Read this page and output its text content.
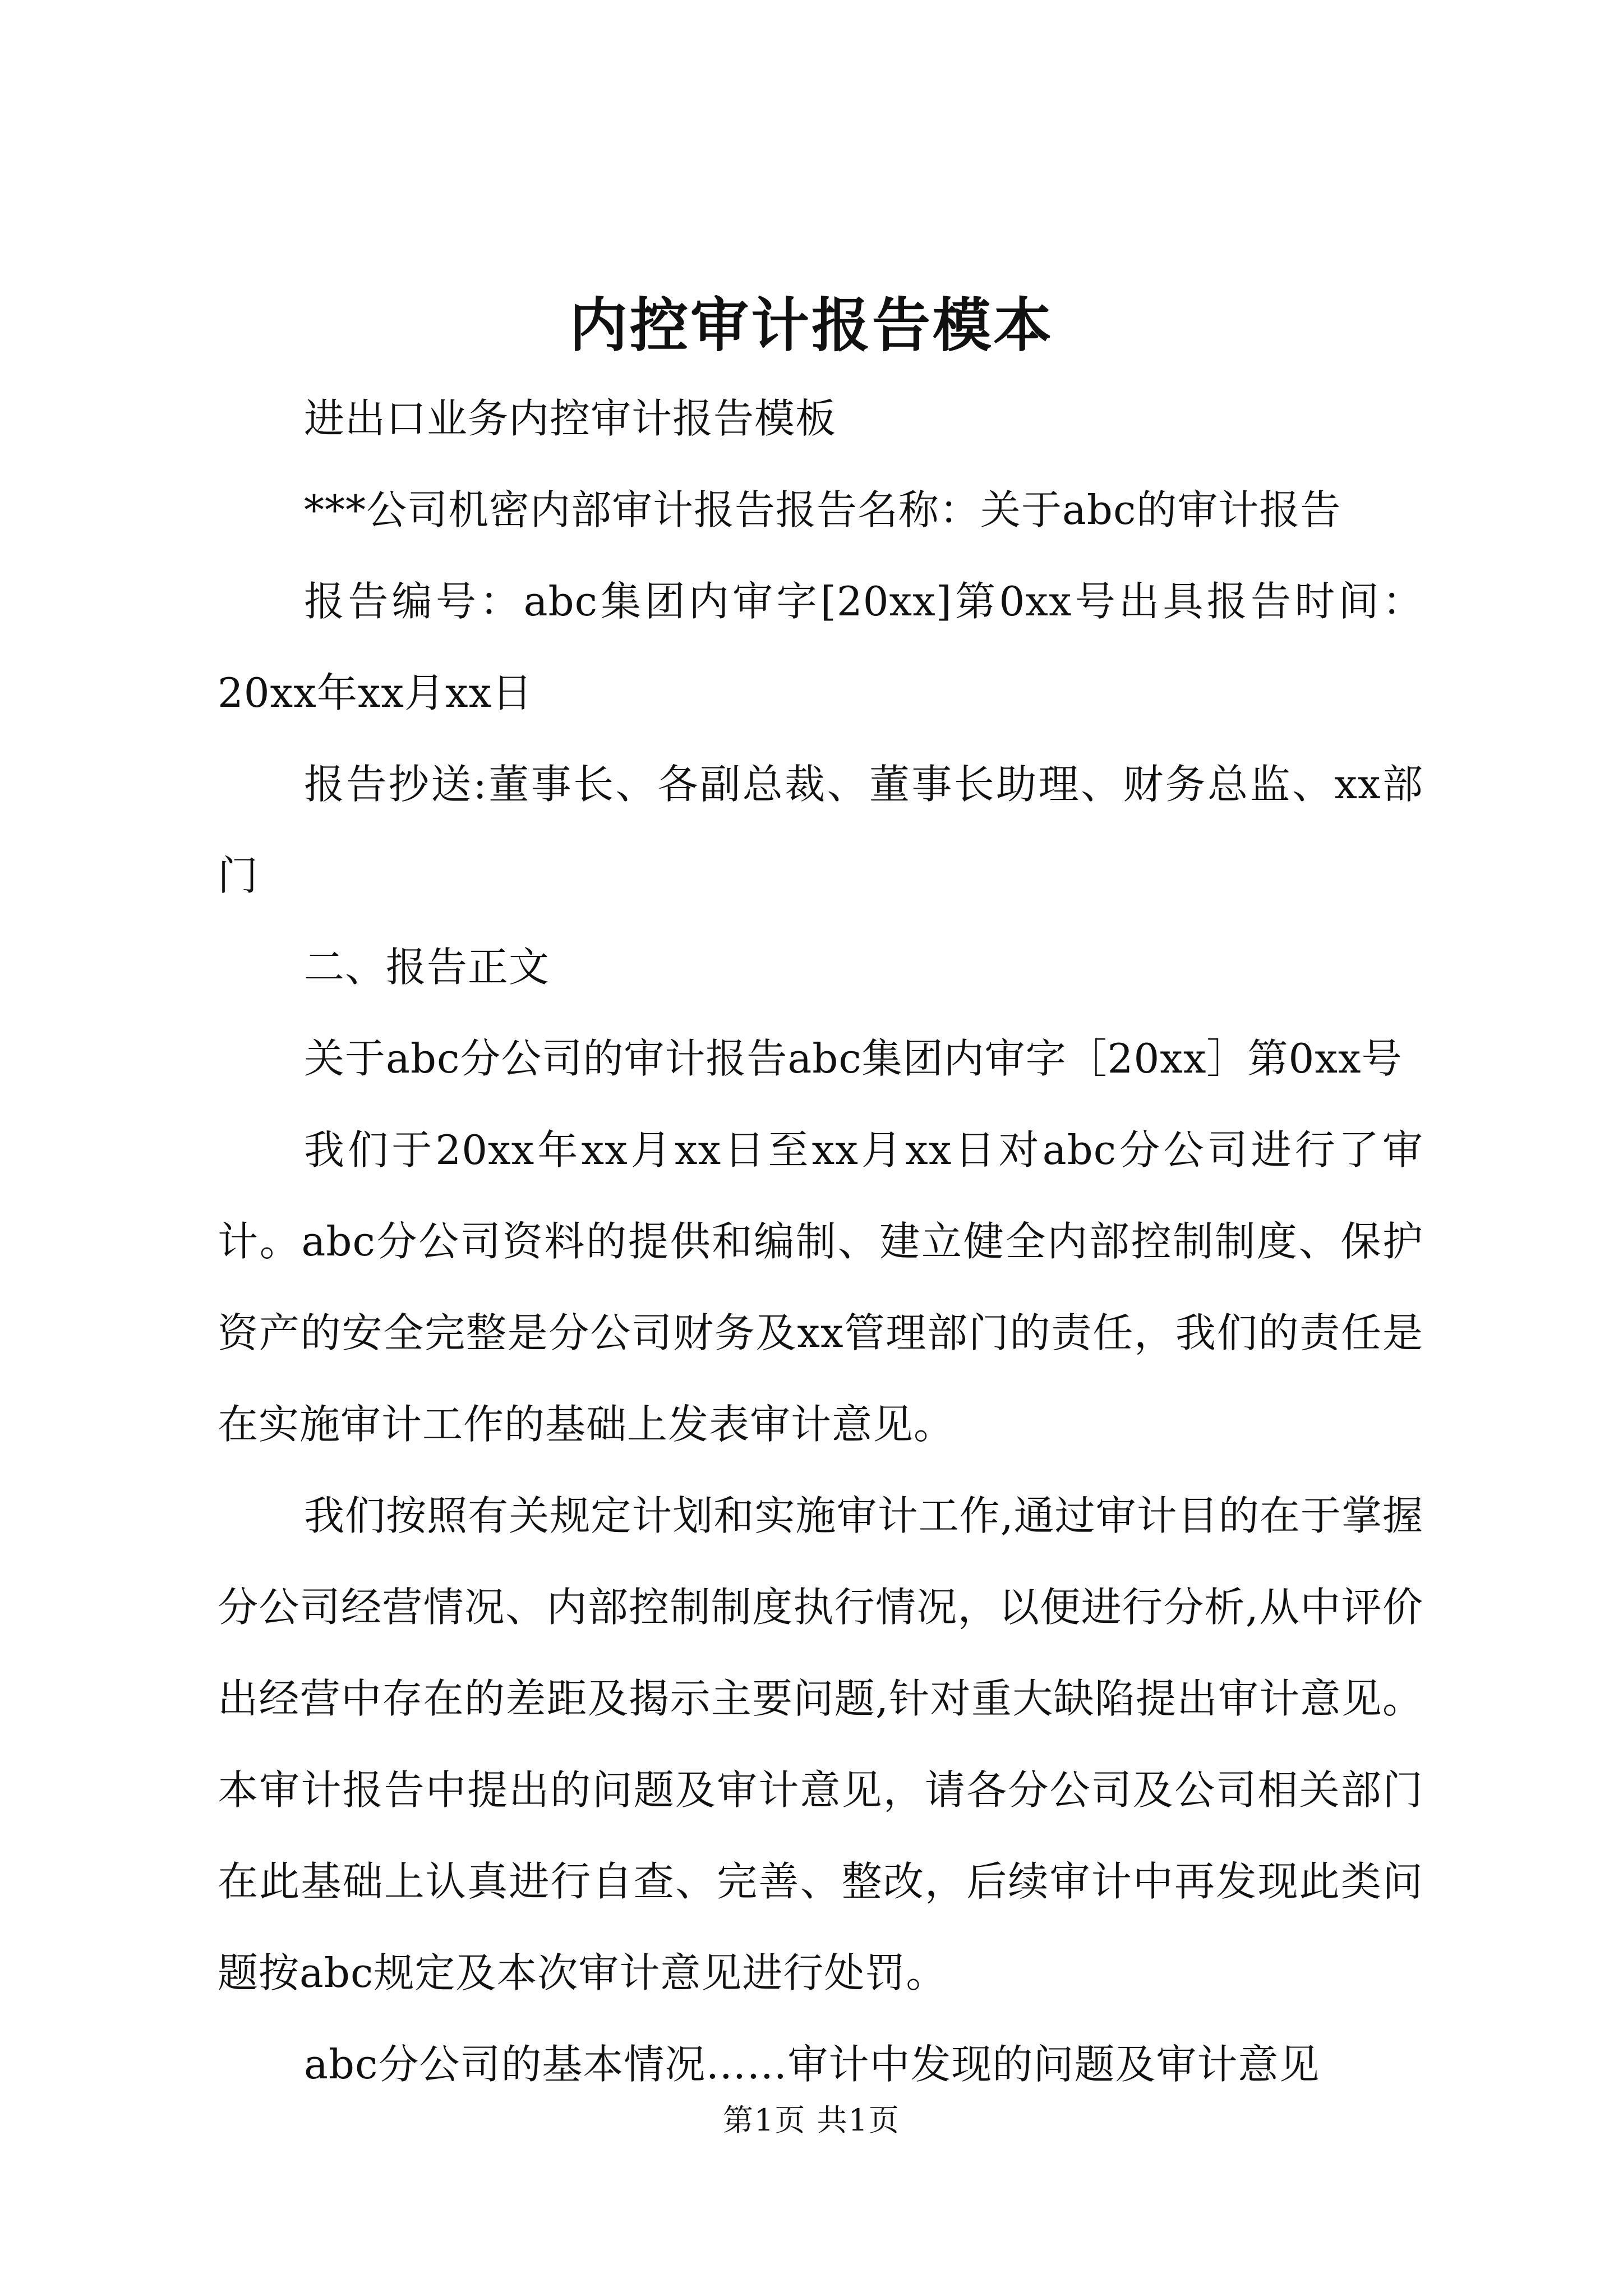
内控审计报告模本

进出口业务内控审计报告模板

***公司机密内部审计报告报告名称：关于abc的审计报告

报告编号：abc集团内审字[20xx]第0xx号出具报告时间：20xx年xx月xx日

报告抄送:董事长、各副总裁、董事长助理、财务总监、xx部门

二、报告正文

关于abc分公司的审计报告abc集团内审字［20xx］第0xx号

我们于20xx年xx月xx日至xx月xx日对abc分公司进行了审计。abc分公司资料的提供和编制、建立健全内部控制制度、保护资产的安全完整是分公司财务及xx管理部门的责任，我们的责任是在实施审计工作的基础上发表审计意见。

我们按照有关规定计划和实施审计工作,通过审计目的在于掌握分公司经营情况、内部控制制度执行情况，以便进行分析,从中评价出经营中存在的差距及揭示主要问题,针对重大缺陷提出审计意见。本审计报告中提出的问题及审计意见，请各分公司及公司相关部门在此基础上认真进行自查、完善、整改，后续审计中再发现此类问题按abc规定及本次审计意见进行处罚。

abc分公司的基本情况……审计中发现的问题及审计意见

第1页 共1页
